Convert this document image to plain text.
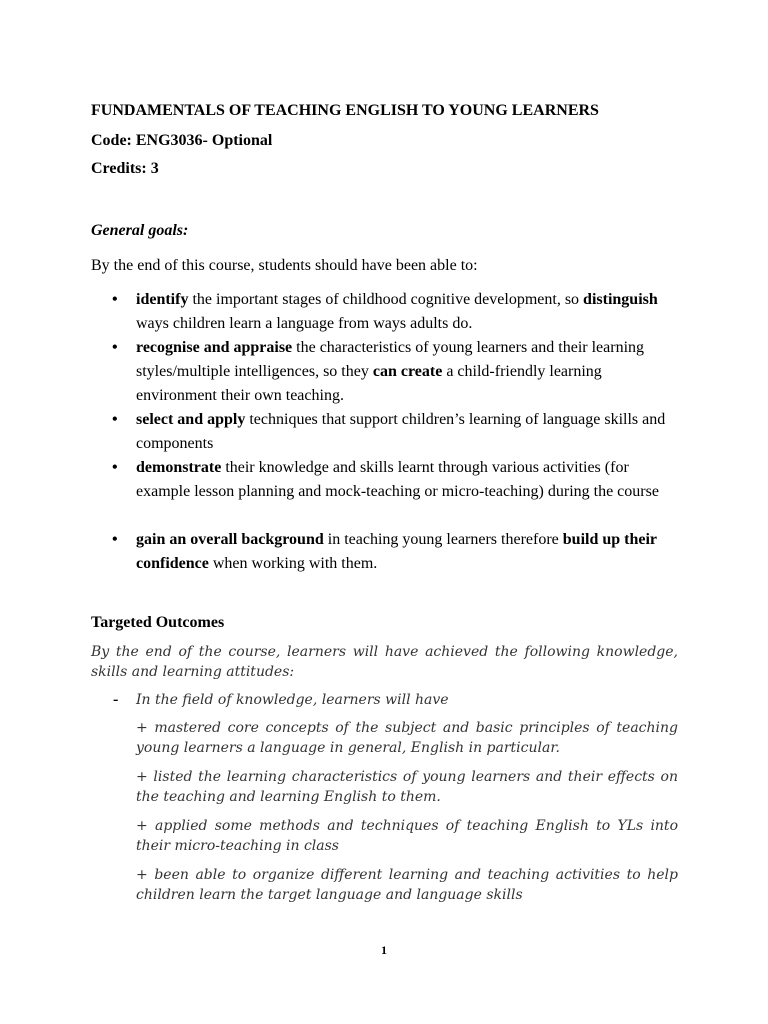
FUNDAMENTALS OF TEACHING ENGLISH TO YOUNG LEARNERS
Code: ENG3036- Optional
Credits: 3
General goals:
By the end of this course, students should have been able to:
• identify the important stages of childhood cognitive development, so distinguish ways children learn a language from ways adults do.
• recognise and appraise the characteristics of young learners and their learning styles/multiple intelligences, so they can create a child-friendly learning environment their own teaching.
• select and apply techniques that support children’s learning of language skills and components
• demonstrate their knowledge and skills learnt through various activities (for example lesson planning and mock-teaching or micro-teaching) during the course
• gain an overall background in teaching young learners therefore build up their confidence when working with them.
Targeted Outcomes
By the end of the course, learners will have achieved the following knowledge, skills and learning attitudes:
- In the field of knowledge, learners will have
+ mastered core concepts of the subject and basic principles of teaching young learners a language in general, English in particular.
+ listed the learning characteristics of young learners and their effects on the teaching and learning English to them.
+ applied some methods and techniques of teaching English to YLs into their micro-teaching in class
+ been able to organize different learning and teaching activities to help children learn the target language and language skills
1
